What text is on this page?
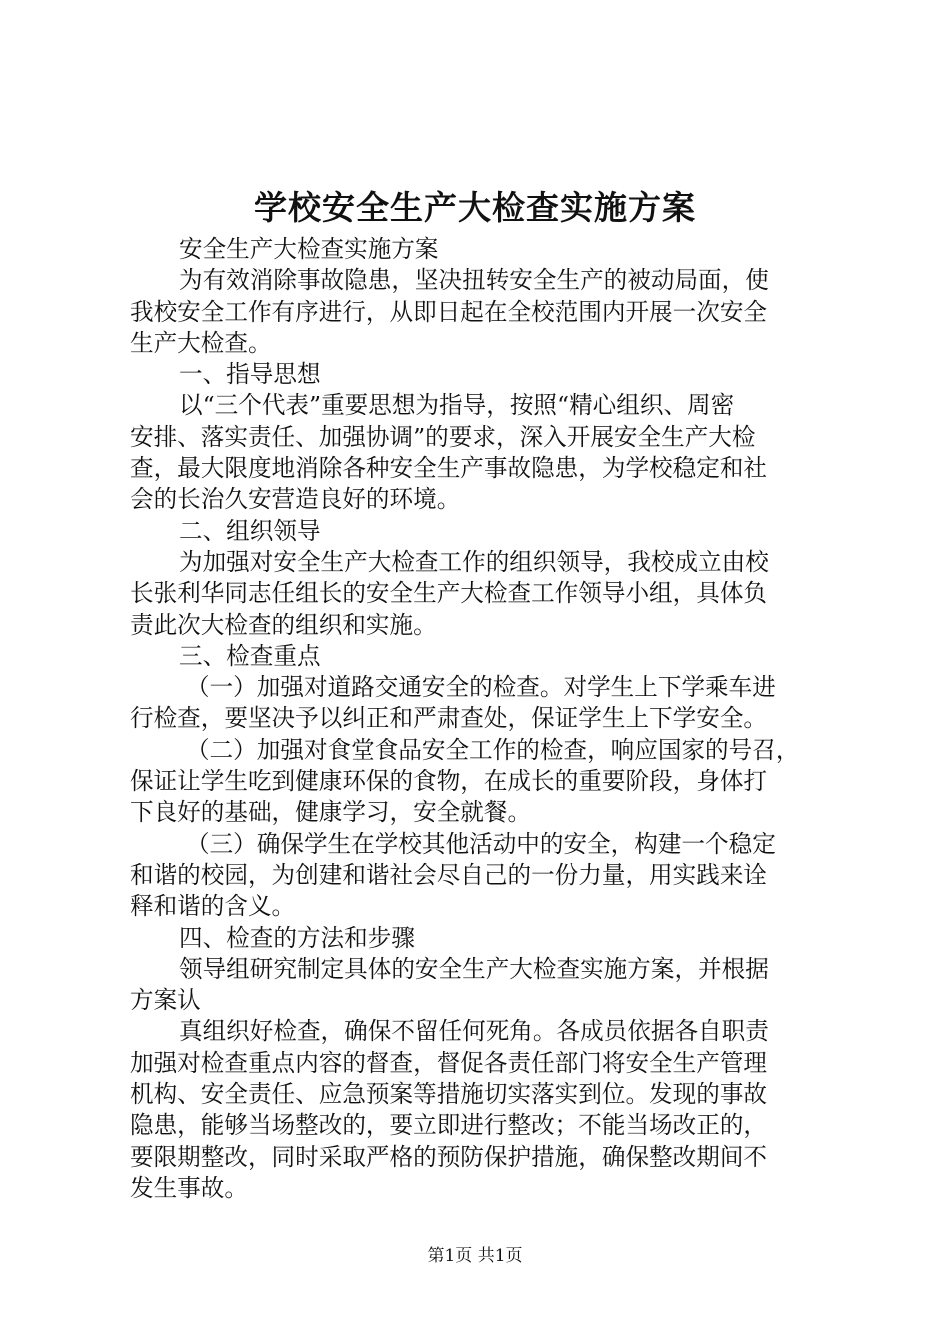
学校安全生产大检查实施方案
安全生产大检查实施方案
为有效消除事故隐患，坚决扭转安全生产的被动局面，使
我校安全工作有序进行，从即日起在全校范围内开展一次安全
生产大检查。
一、指导思想
以“三个代表”重要思想为指导，按照“精心组织、周密
安排、落实责任、加强协调”的要求，深入开展安全生产大检
查，最大限度地消除各种安全生产事故隐患，为学校稳定和社
会的长治久安营造良好的环境。
二、组织领导
为加强对安全生产大检查工作的组织领导，我校成立由校
长张利华同志任组长的安全生产大检查工作领导小组，具体负
责此次大检查的组织和实施。
三、检查重点
（一）加强对道路交通安全的检查。对学生上下学乘车进
行检查，要坚决予以纠正和严肃查处，保证学生上下学安全。
（二）加强对食堂食品安全工作的检查，响应国家的号召，
保证让学生吃到健康环保的食物，在成长的重要阶段，身体打
下良好的基础，健康学习，安全就餐。
（三）确保学生在学校其他活动中的安全，构建一个稳定
和谐的校园，为创建和谐社会尽自己的一份力量，用实践来诠
释和谐的含义。
四、检查的方法和步骤
领导组研究制定具体的安全生产大检查实施方案，并根据
方案认
真组织好检查，确保不留任何死角。各成员依据各自职责
加强对检查重点内容的督查，督促各责任部门将安全生产管理
机构、安全责任、应急预案等措施切实落实到位。发现的事故
隐患，能够当场整改的，要立即进行整改；不能当场改正的，
要限期整改，同时采取严格的预防保护措施，确保整改期间不
发生事故。
第1页 共1页
